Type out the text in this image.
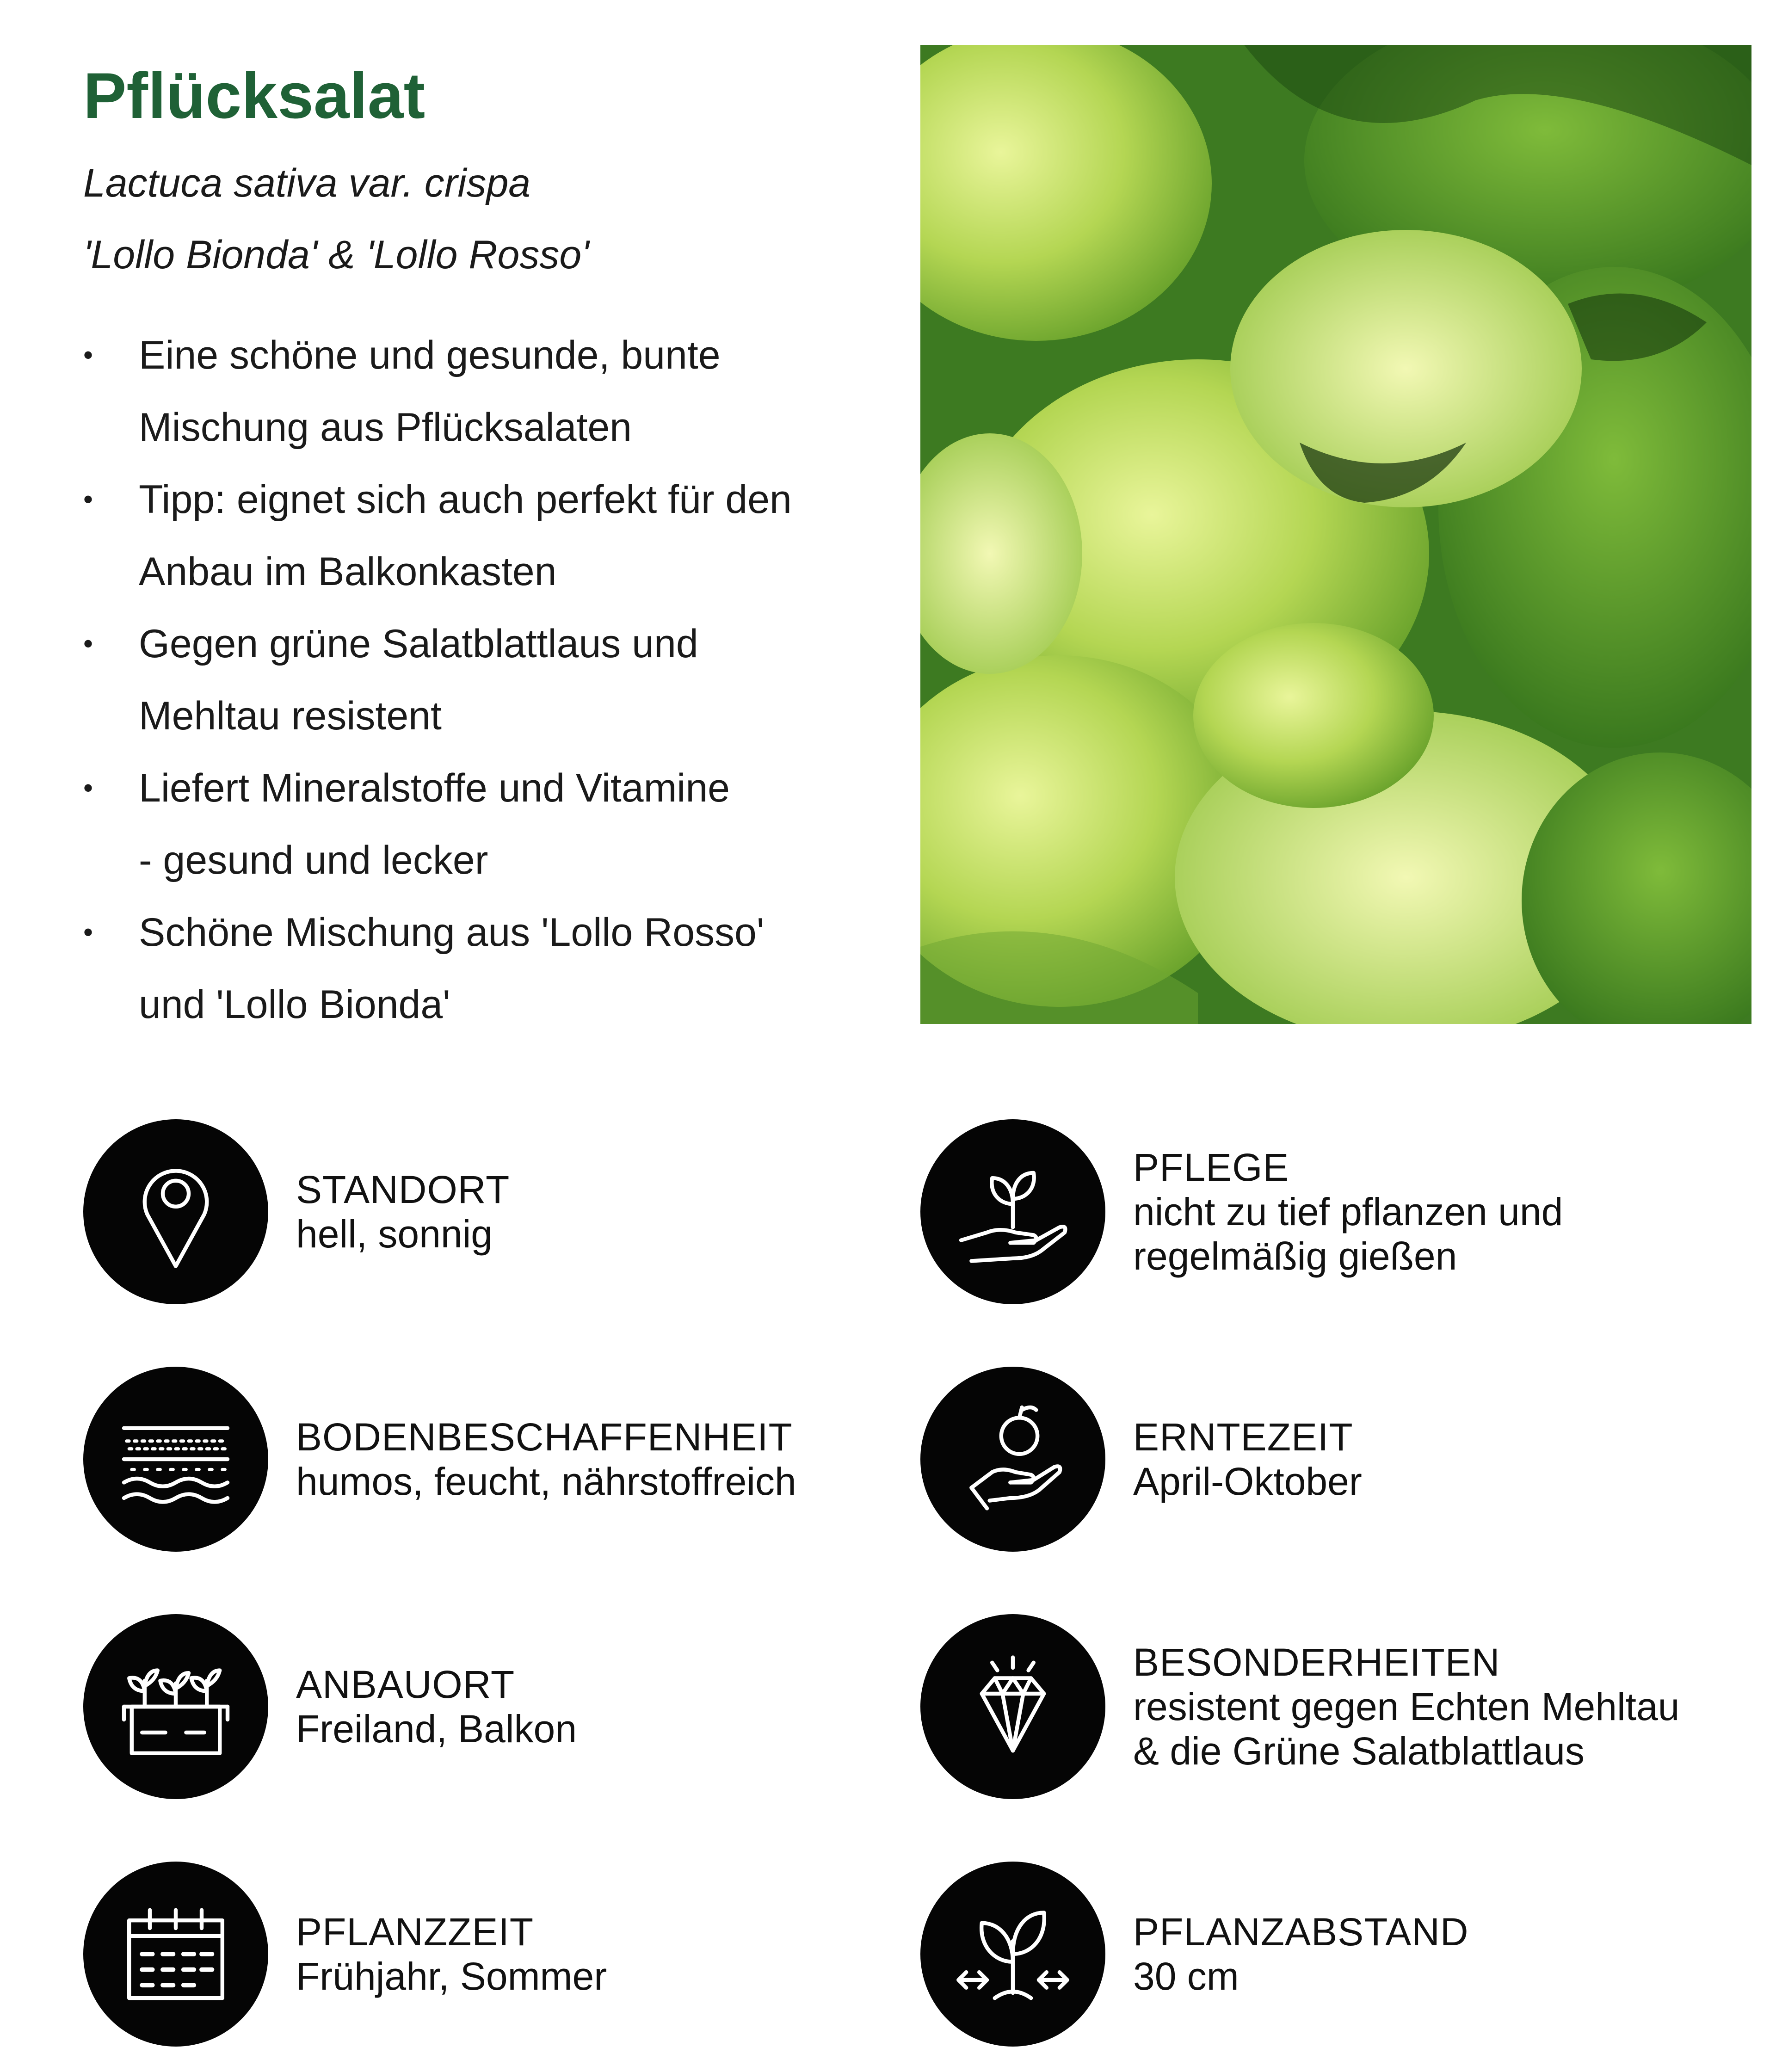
Pflücksalat

Lactuca sativa var. crispa

'Lollo Bionda' & 'Lollo Rosso'

• Eine schöne und gesunde, bunte
Mischung aus Pflücksalaten
• Tipp: eignet sich auch perfekt für den
Anbau im Balkonkasten
• Gegen grüne Salatblattlaus und
Mehltau resistent
• Liefert Mineralstoffe und Vitamine
- gesund und lecker
• Schöne Mischung aus 'Lollo Rosso'
und 'Lollo Bionda'
STANDORT
hell, sonnig
PFLEGE
nicht zu tief pflanzen und
regelmäßig gießen
BODENBESCHAFFENHEIT
humos, feucht, nährstoffreich
ERNTEZEIT
April-Oktober
ANBAUORT
Freiland, Balkon
BESONDERHEITEN
resistent gegen Echten Mehltau
& die Grüne Salatblattlaus
PFLANZZEIT
Frühjahr, Sommer
PFLANZABSTAND
30 cm
